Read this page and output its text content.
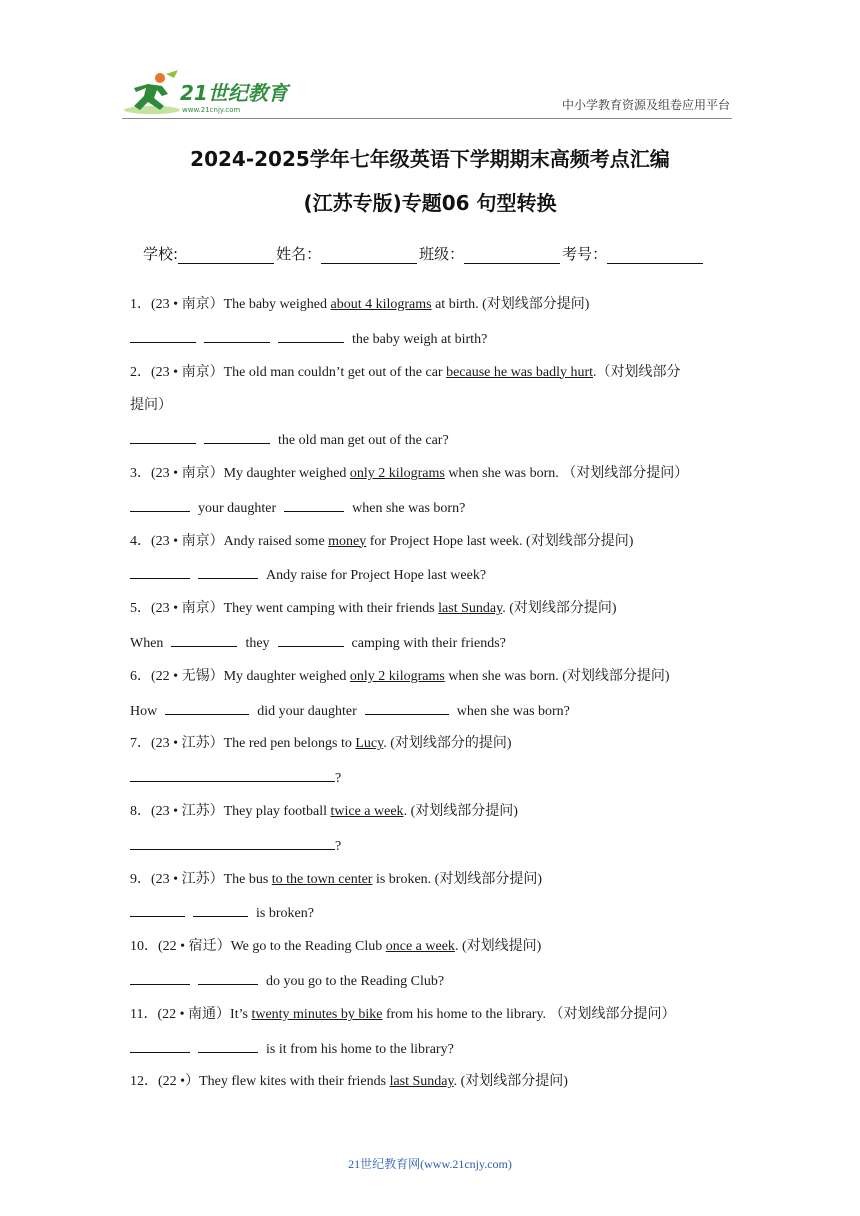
21世纪教育
www.21cnjy.com	中小学教育资源及组卷应用平台
2024-2025学年七年级英语下学期期末高频考点汇编
(江苏专版)专题06 句型转换
学校:	姓名：	班级：	考号：
1．(23 • 南京）The baby weighed about 4 kilograms at birth. (对划线部分提问)
the baby weigh at birth?
2．(23 • 南京）The old man couldn’t get out of the car because he was badly hurt.（对划线部分
提问）
the old man get out of the car?
3．(23 • 南京）My daughter weighed only 2 kilograms when she was born. （对划线部分提问）
your daughter	when she was born?
4．(23 • 南京）Andy raised some money for Project Hope last week. (对划线部分提问)
Andy raise for Project Hope last week?
5．(23 • 南京）They went camping with their friends last Sunday. (对划线部分提问)
When	they	camping with their friends?
6．(22 • 无锡）My daughter weighed only 2 kilograms when she was born. (对划线部分提问)
How	did your daughter	when she was born?
7．(23 • 江苏）The red pen belongs to Lucy. (对划线部分的提问)
?
8．(23 • 江苏）They play football twice a week. (对划线部分提问)
?
9．(23 • 江苏）The bus to the town center is broken. (对划线部分提问)
is broken?
10．(22 • 宿迁）We go to the Reading Club once a week. (对划线提问)
do you go to the Reading Club?
11．(22 • 南通）It’s twenty minutes by bike from his home to the library. （对划线部分提问）
is it from his home to the library?
12．(22 •）They flew kites with their friends last Sunday. (对划线部分提问)
21世纪教育网(www.21cnjy.com)
